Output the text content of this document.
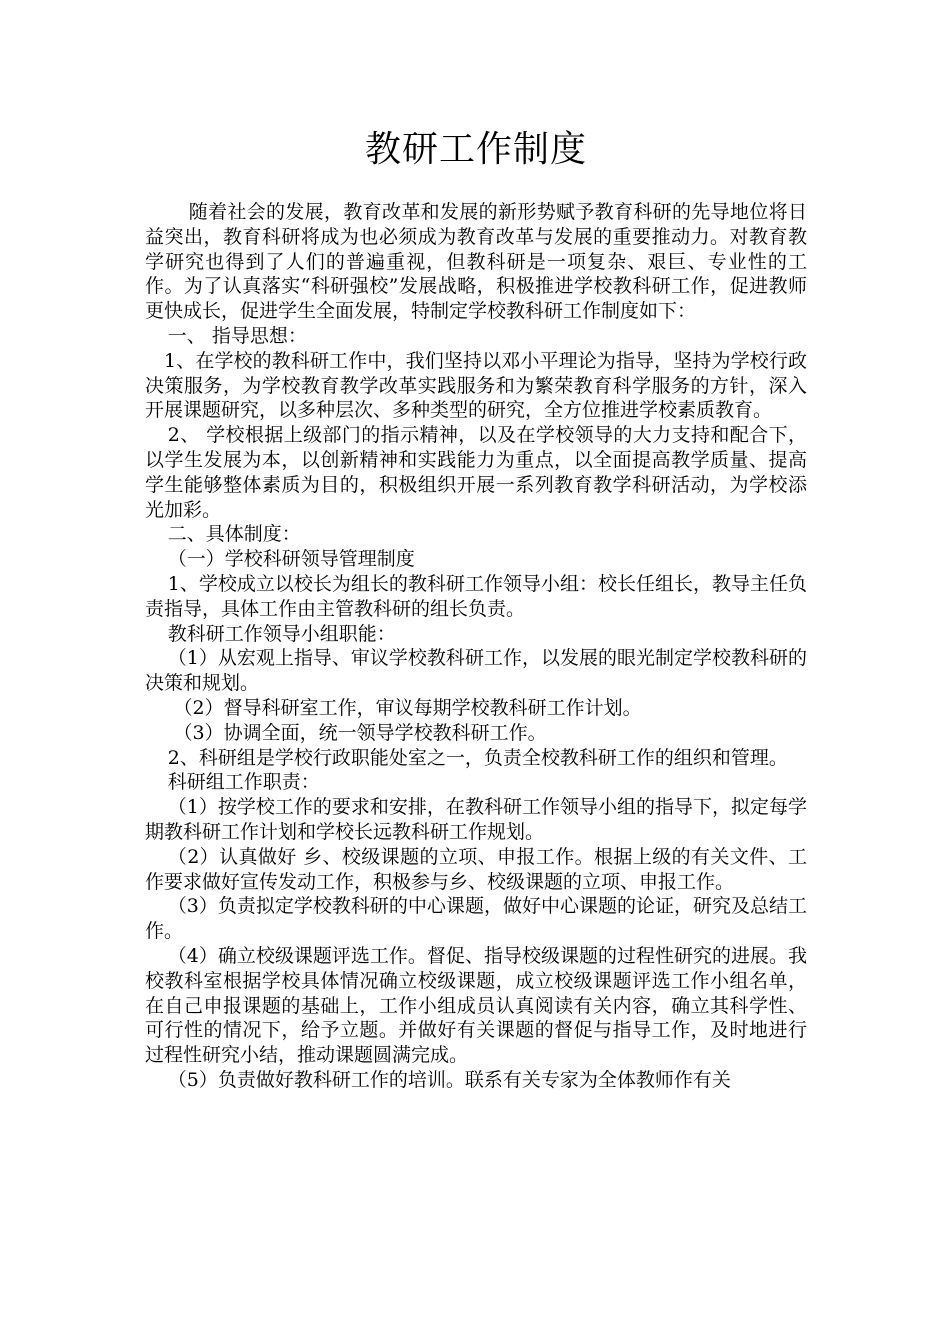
教研工作制度

随着社会的发展，教育改革和发展的新形势赋予教育科研的先导地位将日益突出，教育科研将成为也必须成为教育改革与发展的重要推动力。对教育教学研究也得到了人们的普遍重视，但教科研是一项复杂、艰巨、专业性的工作。为了认真落实“科研强校”发展战略，积极推进学校教科研工作，促进教师更快成长，促进学生全面发展，特制定学校教科研工作制度如下：

一、 指导思想：

1、在学校的教科研工作中，我们坚持以邓小平理论为指导，坚持为学校行政决策服务，为学校教育教学改革实践服务和为繁荣教育科学服务的方针，深入开展课题研究，以多种层次、多种类型的研究，全方位推进学校素质教育。

2、 学校根据上级部门的指示精神，以及在学校领导的大力支持和配合下，以学生发展为本，以创新精神和实践能力为重点，以全面提高教学质量、提高学生能够整体素质为目的，积极组织开展一系列教育教学科研活动，为学校添光加彩。

二、具体制度：

（一）学校科研领导管理制度

1、学校成立以校长为组长的教科研工作领导小组：校长任组长，教导主任负责指导，具体工作由主管教科研的组长负责。

教科研工作领导小组职能：

（1）从宏观上指导、审议学校教科研工作，以发展的眼光制定学校教科研的决策和规划。

（2）督导科研室工作，审议每期学校教科研工作计划。

（3）协调全面，统一领导学校教科研工作。

2、科研组是学校行政职能处室之一，负责全校教科研工作的组织和管理。

科研组工作职责：

（1）按学校工作的要求和安排，在教科研工作领导小组的指导下，拟定每学期教科研工作计划和学校长远教科研工作规划。

（2）认真做好 乡、校级课题的立项、申报工作。根据上级的有关文件、工作要求做好宣传发动工作，积极参与乡、校级课题的立项、申报工作。

（3）负责拟定学校教科研的中心课题，做好中心课题的论证，研究及总结工作。

（4）确立校级课题评选工作。督促、指导校级课题的过程性研究的进展。我校教科室根据学校具体情况确立校级课题，成立校级课题评选工作小组名单，在自己申报课题的基础上，工作小组成员认真阅读有关内容，确立其科学性、可行性的情况下，给予立题。并做好有关课题的督促与指导工作，及时地进行过程性研究小结，推动课题圆满完成。

（5）负责做好教科研工作的培训。联系有关专家为全体教师作有关
